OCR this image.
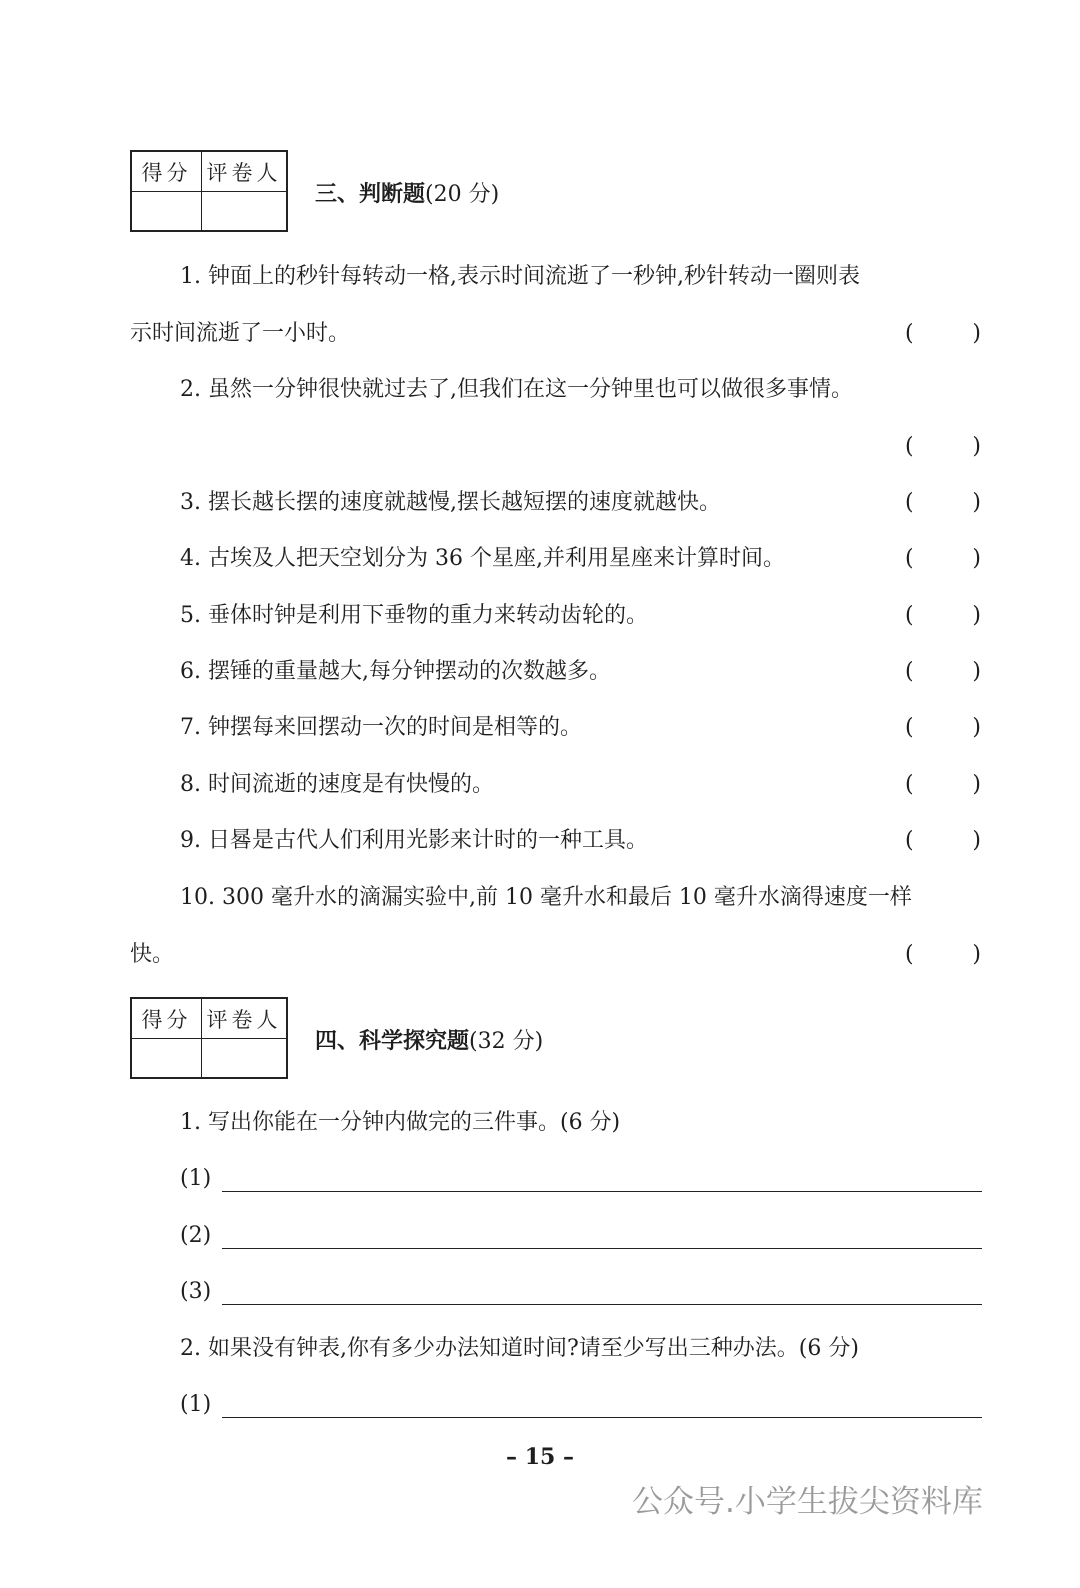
得分 评卷人
三、判断题(20 分)
1. 钟面上的秒针每转动一格,表示时间流逝了一秒钟,秒针转动一圈则表
示时间流逝了一小时。	(	)
2. 虽然一分钟很快就过去了,但我们在这一分钟里也可以做很多事情。
(	)
3. 摆长越长摆的速度就越慢,摆长越短摆的速度就越快。	(	)
4. 古埃及人把天空划分为 36 个星座,并利用星座来计算时间。	(	)
5. 垂体时钟是利用下垂物的重力来转动齿轮的。	(	)
6. 摆锤的重量越大,每分钟摆动的次数越多。	(	)
7. 钟摆每来回摆动一次的时间是相等的。	(	)
8. 时间流逝的速度是有快慢的。	(	)
9. 日晷是古代人们利用光影来计时的一种工具。	(	)
10. 300 毫升水的滴漏实验中,前 10 毫升水和最后 10 毫升水滴得速度一样
快。	(	)
得分 评卷人
四、科学探究题(32 分)
1. 写出你能在一分钟内做完的三件事。(6 分)
(1)
(2)
(3)
2. 如果没有钟表,你有多少办法知道时间?请至少写出三种办法。(6 分)
(1)
– 15 –
公众号.小学生拔尖资料库
